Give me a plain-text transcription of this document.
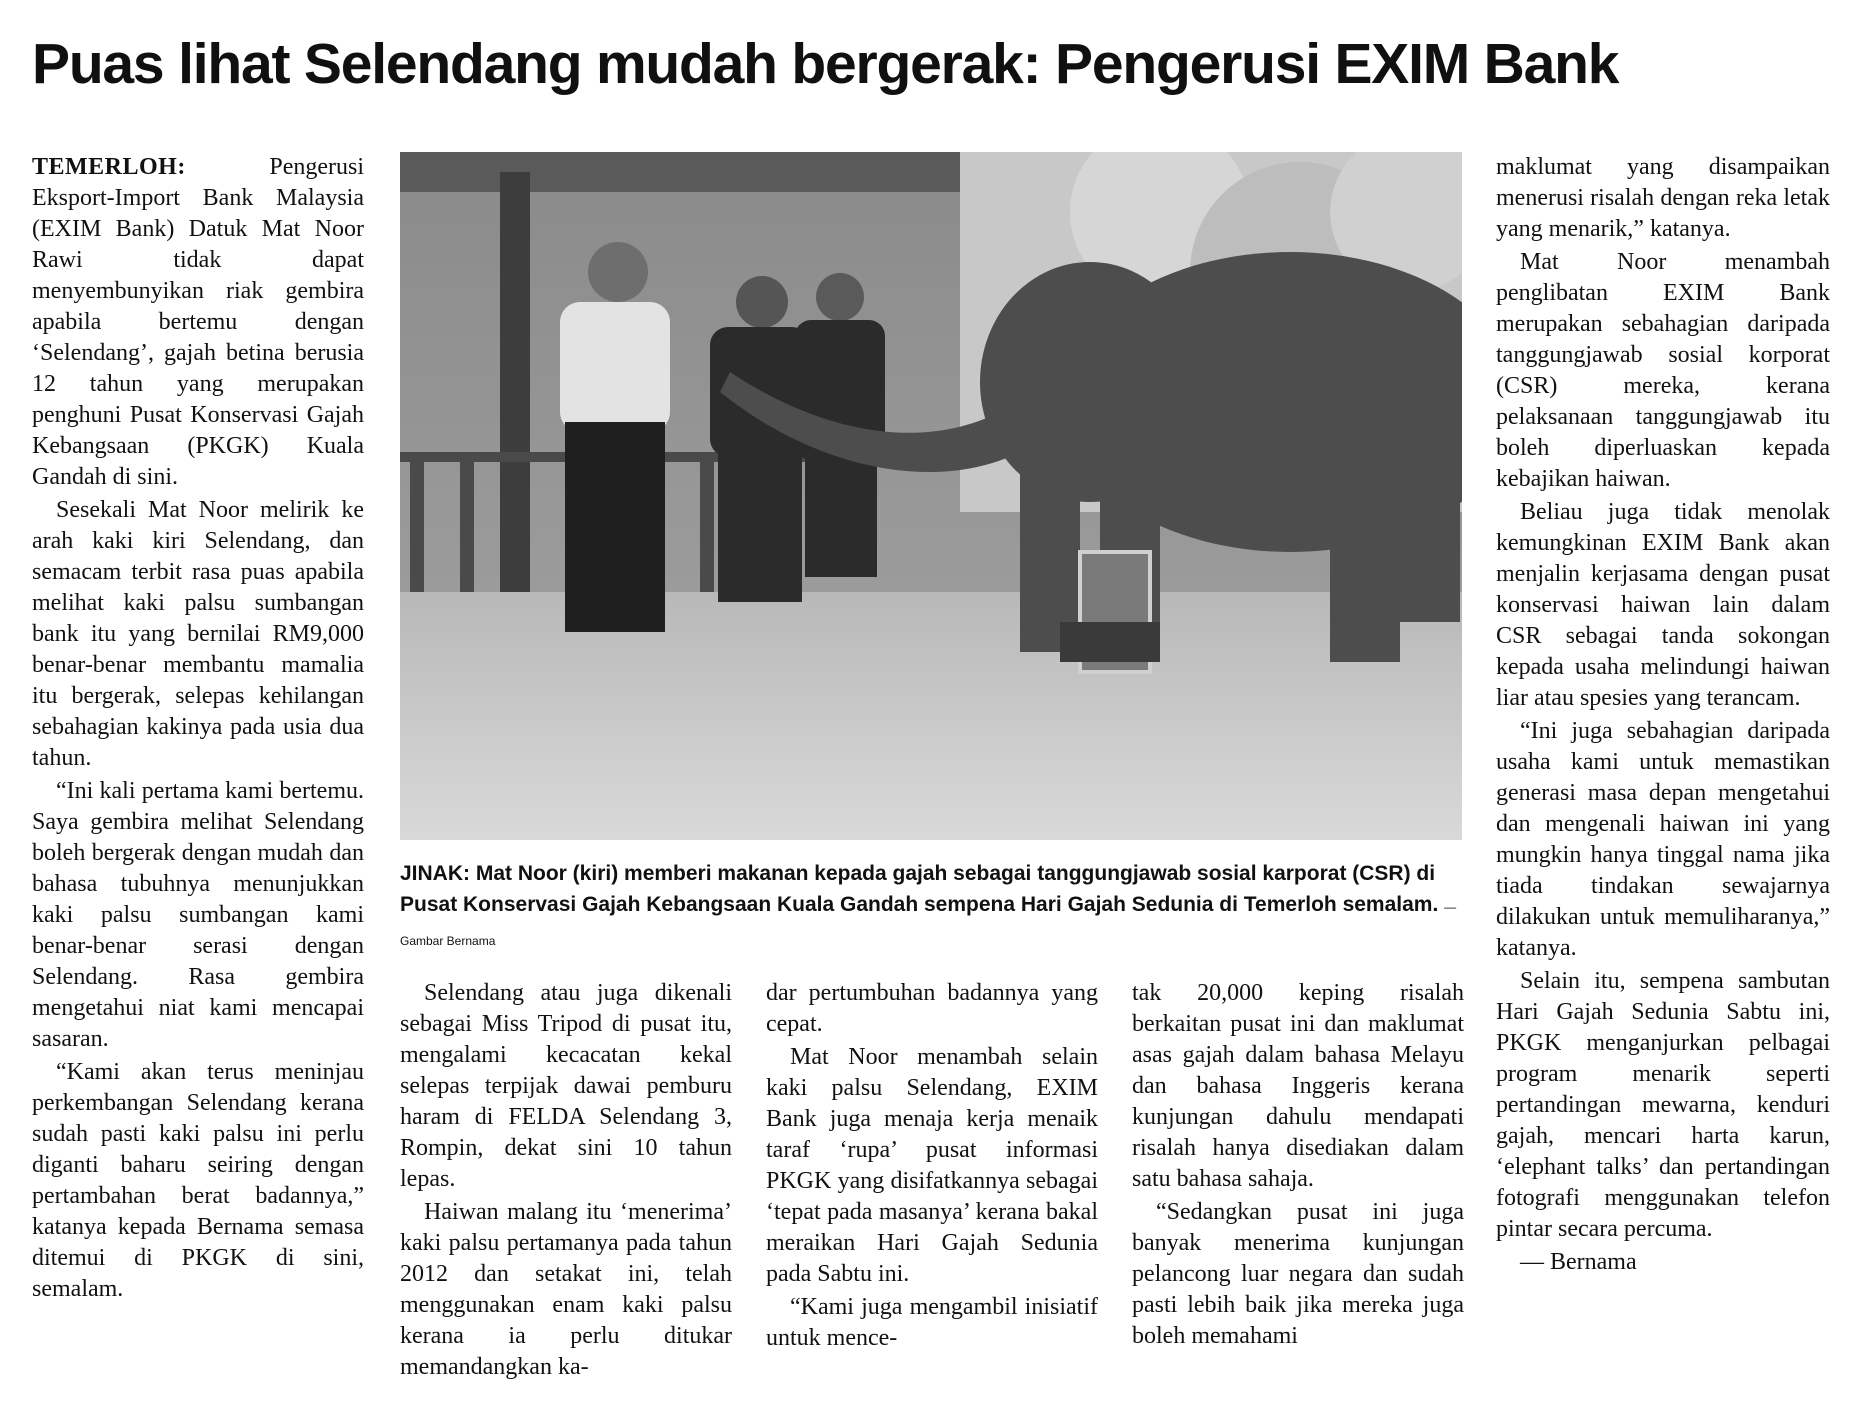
Puas lihat Selendang mudah bergerak: Pengerusi EXIM Bank

TEMERLOH:	Pengerusi Eksport-Import Bank Malaysia (EXIM Bank) Datuk Mat Noor Rawi tidak dapat menyembunyikan riak gembira apabila bertemu dengan ‘Selendang’, gajah betina berusia 12 tahun yang merupakan penghuni Pusat Konservasi Gajah Kebangsaan (PKGK) Kuala Gandah di sini.

Sesekali Mat Noor melirik ke arah kaki kiri Selendang, dan semacam terbit rasa puas apabila melihat kaki palsu sumbangan bank itu yang bernilai RM9,000 benar-benar membantu mamalia itu bergerak, selepas kehilangan sebahagian kakinya pada usia dua tahun.

“Ini kali pertama kami bertemu. Saya gembira melihat Selendang boleh bergerak dengan mudah dan bahasa tubuhnya menunjukkan kaki palsu sumbangan kami benar-benar serasi dengan Selendang. Rasa gembira mengetahui niat kami mencapai sasaran.

“Kami akan terus meninjau perkembangan Selendang kerana sudah pasti kaki palsu ini perlu diganti baharu seiring dengan pertambahan berat badannya,” katanya kepada Bernama semasa ditemui di PKGK di sini, semalam.

JINAK: Mat Noor (kiri) memberi makanan kepada gajah sebagai tanggungjawab sosial karporat (CSR) di Pusat Konservasi Gajah Kebangsaan Kuala Gandah sempena Hari Gajah Sedunia di Temerloh semalam. — Gambar Bernama

Selendang atau juga dikenali sebagai Miss Tripod di pusat itu, mengalami kecacatan kekal selepas terpijak dawai pemburu haram di FELDA Selendang 3, Rompin, dekat sini 10 tahun lepas.

Haiwan malang itu ‘menerima’ kaki palsu pertamanya pada tahun 2012 dan setakat ini, telah menggunakan enam kaki palsu kerana ia perlu ditukar memandangkan ka-

dar pertumbuhan badannya yang cepat.

Mat Noor menambah selain kaki palsu Selendang, EXIM Bank juga menaja kerja menaik taraf ‘rupa’ pusat informasi PKGK yang disifatkannya sebagai ‘tepat pada masanya’ kerana bakal meraikan Hari Gajah Sedunia pada Sabtu ini.

“Kami juga mengambil inisiatif untuk mence-

tak 20,000 keping risalah berkaitan pusat ini dan maklumat asas gajah dalam bahasa Melayu dan bahasa Inggeris kerana kunjungan dahulu mendapati risalah hanya disediakan dalam satu bahasa sahaja.

“Sedangkan pusat ini juga banyak menerima kunjungan pelancong luar negara dan sudah pasti lebih baik jika mereka juga boleh memahami

maklumat yang disampaikan menerusi risalah dengan reka letak yang menarik,” katanya.

Mat Noor menambah penglibatan EXIM Bank merupakan sebahagian daripada tanggungjawab sosial korporat (CSR) mereka, kerana pelaksanaan tanggungjawab itu boleh diperluaskan kepada kebajikan haiwan.

Beliau juga tidak menolak kemungkinan EXIM Bank akan menjalin kerjasama dengan pusat konservasi haiwan lain dalam CSR sebagai tanda sokongan kepada usaha melindungi haiwan liar atau spesies yang terancam.

“Ini juga sebahagian daripada usaha kami untuk memastikan generasi masa depan mengetahui dan mengenali haiwan ini yang mungkin hanya tinggal nama jika tiada tindakan sewajarnya dilakukan untuk memuliharanya,” katanya.

Selain itu, sempena sambutan Hari Gajah Sedunia Sabtu ini, PKGK menganjurkan pelbagai program menarik seperti pertandingan mewarna, kenduri gajah, mencari harta karun, ‘elephant talks’ dan pertandingan fotografi menggunakan telefon pintar secara percuma.

— Bernama
